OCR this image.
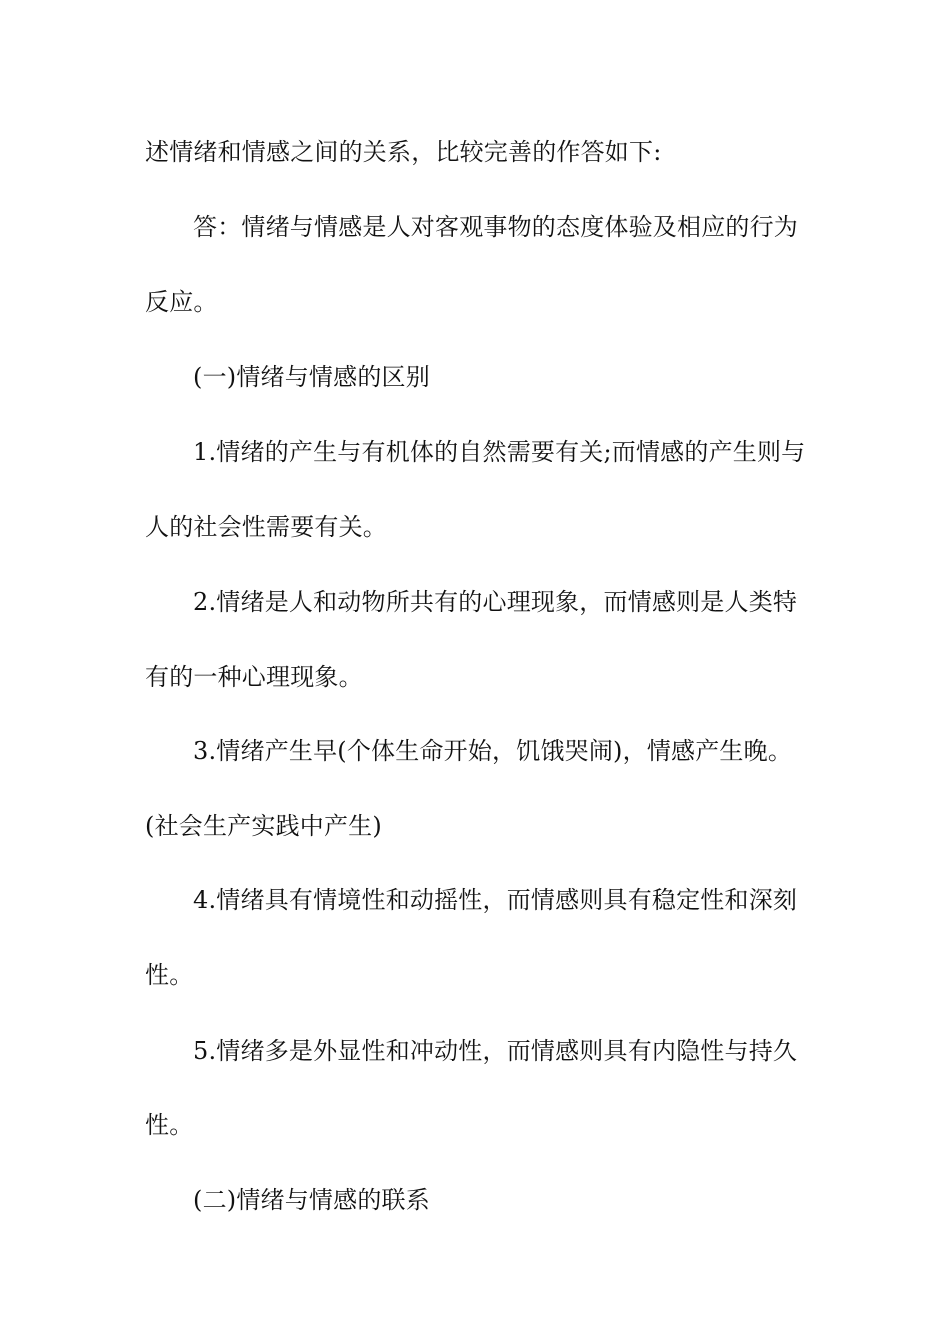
述情绪和情感之间的关系，比较完善的作答如下:
答：情绪与情感是人对客观事物的态度体验及相应的行为
反应。
(一)情绪与情感的区别
1.情绪的产生与有机体的自然需要有关;而情感的产生则与
人的社会性需要有关。
2.情绪是人和动物所共有的心理现象，而情感则是人类特
有的一种心理现象。
3.情绪产生早(个体生命开始，饥饿哭闹)，情感产生晚。
(社会生产实践中产生)
4.情绪具有情境性和动摇性，而情感则具有稳定性和深刻
性。
5.情绪多是外显性和冲动性，而情感则具有内隐性与持久
性。
(二)情绪与情感的联系
